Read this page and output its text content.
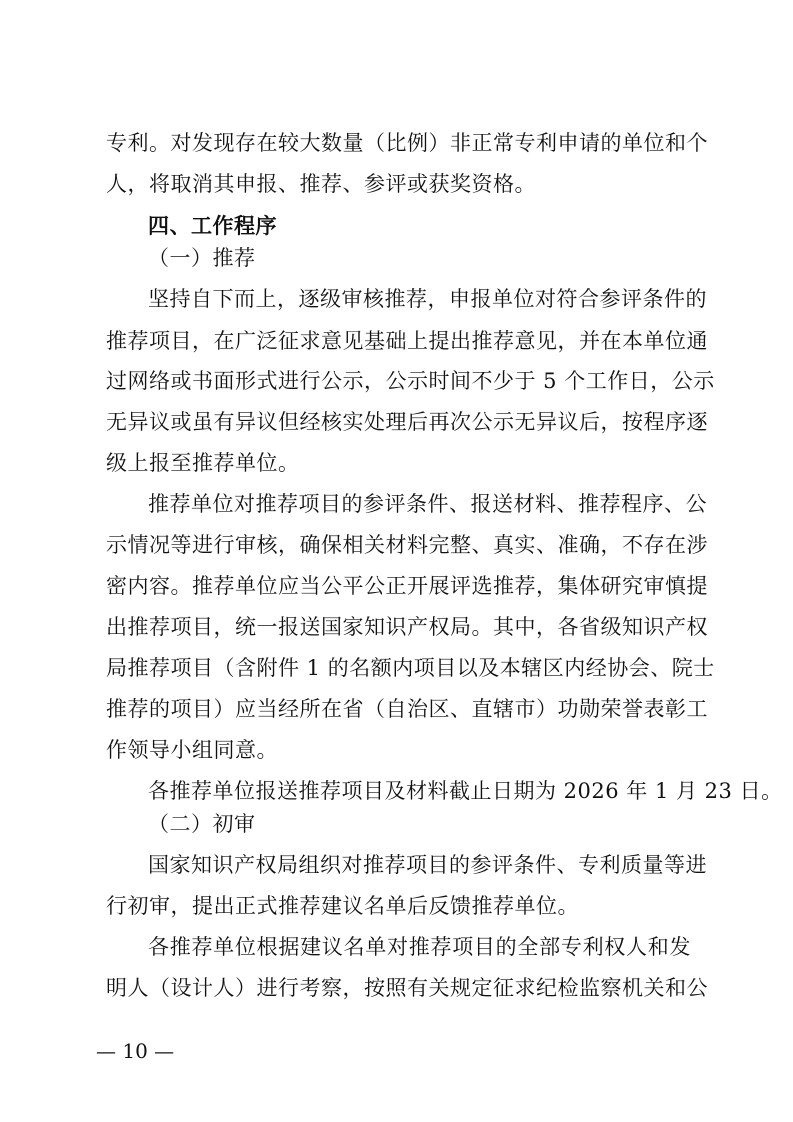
专利。对发现存在较大数量（比例）非正常专利申请的单位和个
人，将取消其申报、推荐、参评或获奖资格。
四、工作程序
（一）推荐
坚持自下而上，逐级审核推荐，申报单位对符合参评条件的
推荐项目，在广泛征求意见基础上提出推荐意见，并在本单位通
过网络或书面形式进行公示，公示时间不少于 5 个工作日，公示
无异议或虽有异议但经核实处理后再次公示无异议后，按程序逐
级上报至推荐单位。
推荐单位对推荐项目的参评条件、报送材料、推荐程序、公
示情况等进行审核，确保相关材料完整、真实、准确，不存在涉
密内容。推荐单位应当公平公正开展评选推荐，集体研究审慎提
出推荐项目，统一报送国家知识产权局。其中，各省级知识产权
局推荐项目（含附件 1 的名额内项目以及本辖区内经协会、院士
推荐的项目）应当经所在省（自治区、直辖市）功勋荣誉表彰工
作领导小组同意。
各推荐单位报送推荐项目及材料截止日期为 2026 年 1 月 23 日。
（二）初审
国家知识产权局组织对推荐项目的参评条件、专利质量等进
行初审，提出正式推荐建议名单后反馈推荐单位。
各推荐单位根据建议名单对推荐项目的全部专利权人和发
明人（设计人）进行考察，按照有关规定征求纪检监察机关和公
— 10 —
